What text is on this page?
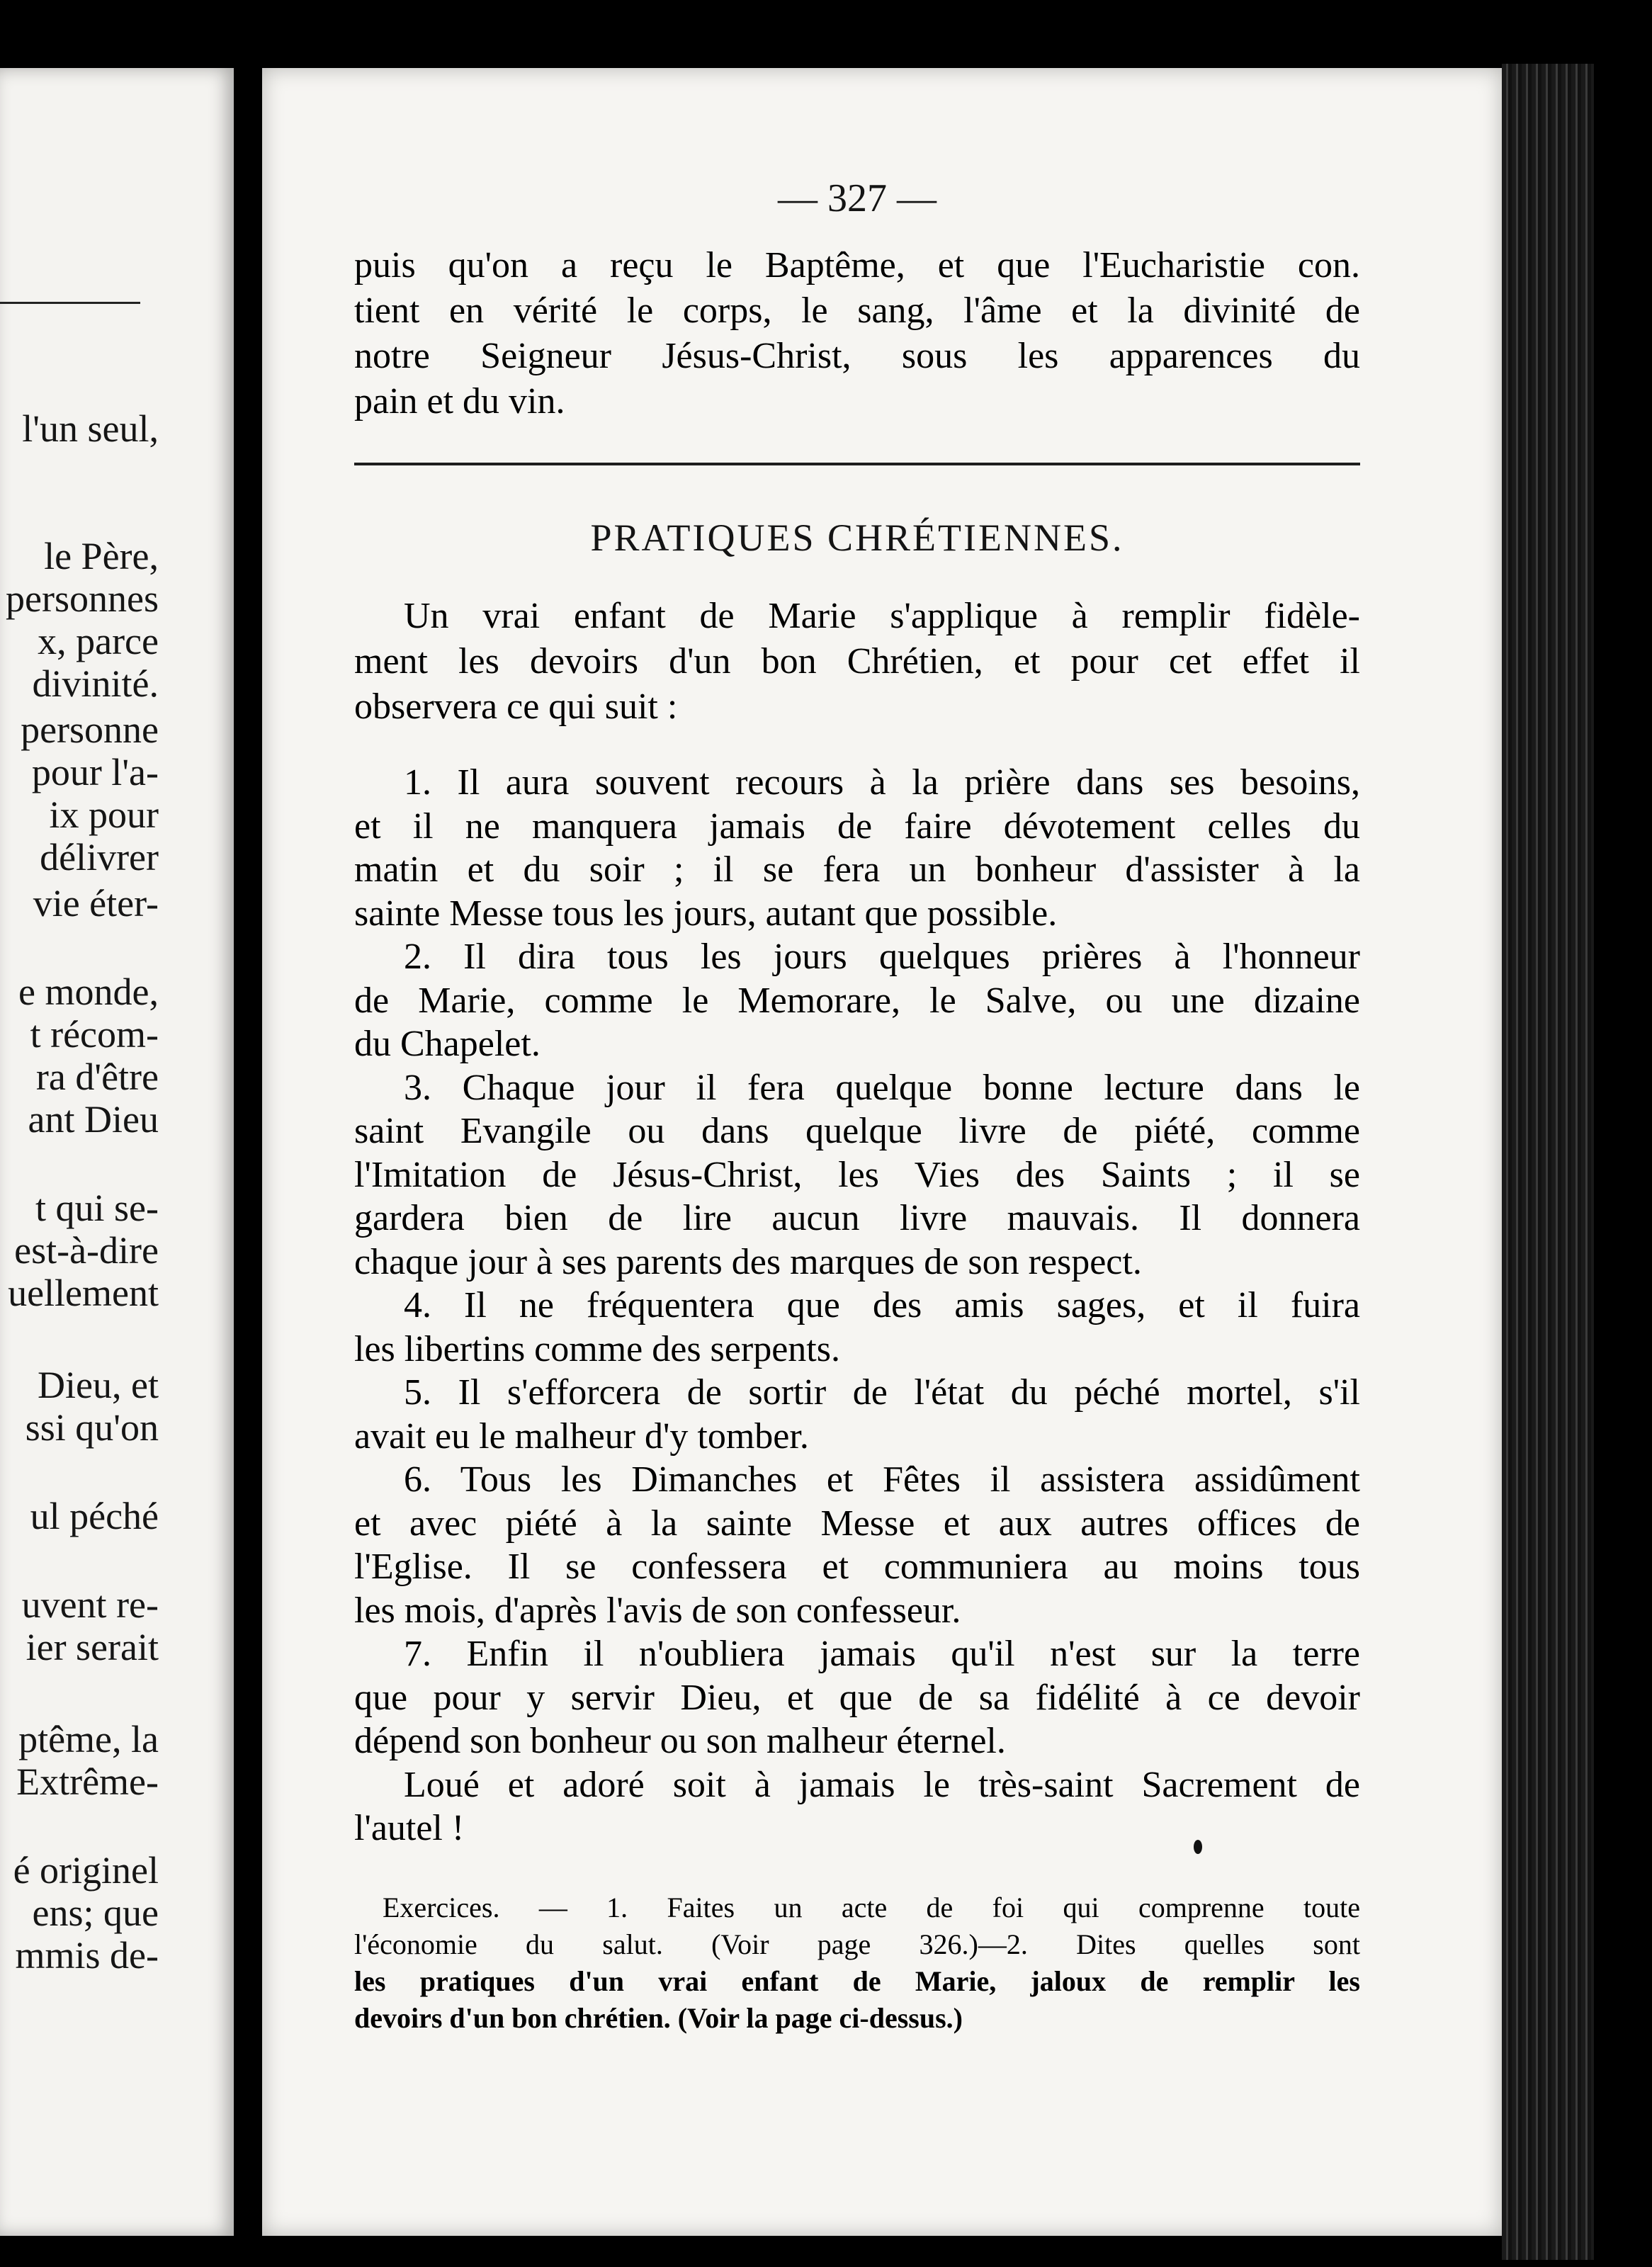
l'un seul,
le Père,
personnes
x, parce
divinité.
personne
pour l'a-
ix pour
délivrer
vie éter-
e monde,
t récom-
ra d'être
ant Dieu
t qui se-
est-à-dire
uellement
Dieu, et
ssi qu'on
ul péché
uvent re-
ier serait
ptême, la
Extrême-
é originel
ens; que
mmis de-
— 327 —
puis qu'on a reçu le Baptême, et que l'Eucharistie con.
tient en vérité le corps, le sang, l'âme et la divinité de
notre Seigneur Jésus-Christ, sous les apparences du
pain et du vin.
Un vrai enfant de Marie s'applique à remplir fidèle-
ment les devoirs d'un bon Chrétien, et pour cet effet il
observera ce qui suit :
1. Il aura souvent recours à la prière dans ses besoins,
et il ne manquera jamais de faire dévotement celles du
matin et du soir ; il se fera un bonheur d'assister à la
sainte Messe tous les jours, autant que possible.
2. Il dira tous les jours quelques prières à l'honneur
de Marie, comme le Memorare, le Salve, ou une dizaine
du Chapelet.
3. Chaque jour il fera quelque bonne lecture dans le
saint Evangile ou dans quelque livre de piété, comme
l'Imitation de Jésus-Christ, les Vies des Saints ; il se
gardera bien de lire aucun livre mauvais. Il donnera
chaque jour à ses parents des marques de son respect.
4. Il ne fréquentera que des amis sages, et il fuira
les libertins comme des serpents.
5. Il s'efforcera de sortir de l'état du péché mortel, s'il
avait eu le malheur d'y tomber.
6. Tous les Dimanches et Fêtes il assistera assidûment
et avec piété à la sainte Messe et aux autres offices de
l'Eglise. Il se confessera et communiera au moins tous
les mois, d'après l'avis de son confesseur.
7. Enfin il n'oubliera jamais qu'il n'est sur la terre
que pour y servir Dieu, et que de sa fidélité à ce devoir
dépend son bonheur ou son malheur éternel.
Loué et adoré soit à jamais le très-saint Sacrement de
l'autel !
Exercices. — 1. Faites un acte de foi qui comprenne toute
l'économie du salut. (Voir page 326.)—2. Dites quelles sont
les pratiques d'un vrai enfant de Marie, jaloux de remplir les
devoirs d'un bon chrétien. (Voir la page ci-dessus.)
PRATIQUES CHRÉTIENNES.
